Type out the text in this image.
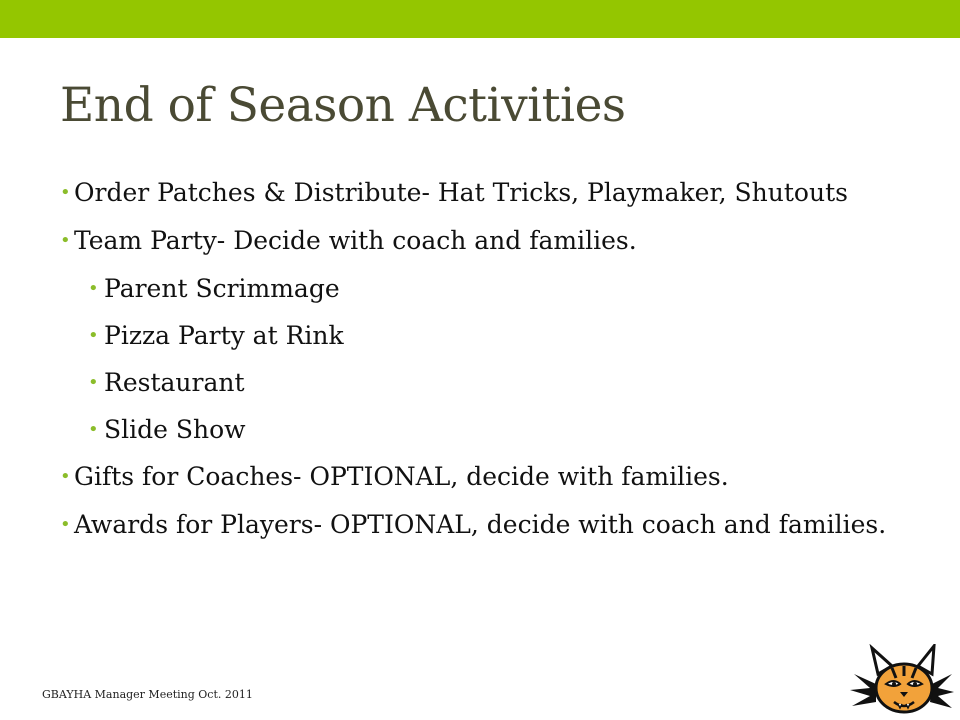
End of Season Activities
• Order Patches & Distribute- Hat Tricks, Playmaker, Shutouts
• Team Party- Decide with coach and families.
• Parent Scrimmage
• Pizza Party at Rink
• Restaurant
• Slide Show
• Gifts for Coaches- OPTIONAL, decide with families.
• Awards for Players- OPTIONAL, decide with coach and families.

GBAYHA Manager Meeting Oct. 2011
